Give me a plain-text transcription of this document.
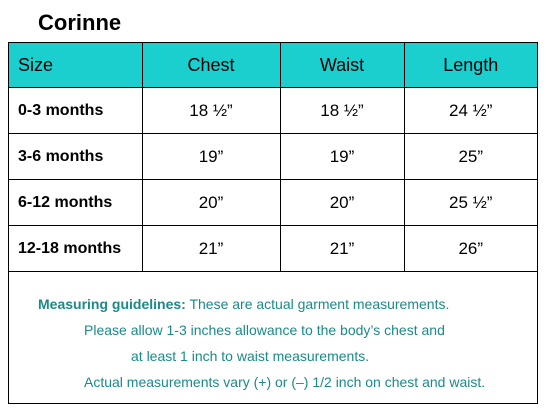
Corinne
Size	Chest	Waist	Length
0-3 months	18 ½”	18 ½”	24 ½”
3-6 months	19”	19”	25”
6-12 months	20”	20”	25 ½”
12-18 months	21”	21”	26”

Measuring guidelines: These are actual garment measurements.

Please allow 1-3 inches allowance to the body’s chest and

at least 1 inch to waist measurements.

Actual measurements vary (+) or (–) 1/2 inch on chest and waist.
